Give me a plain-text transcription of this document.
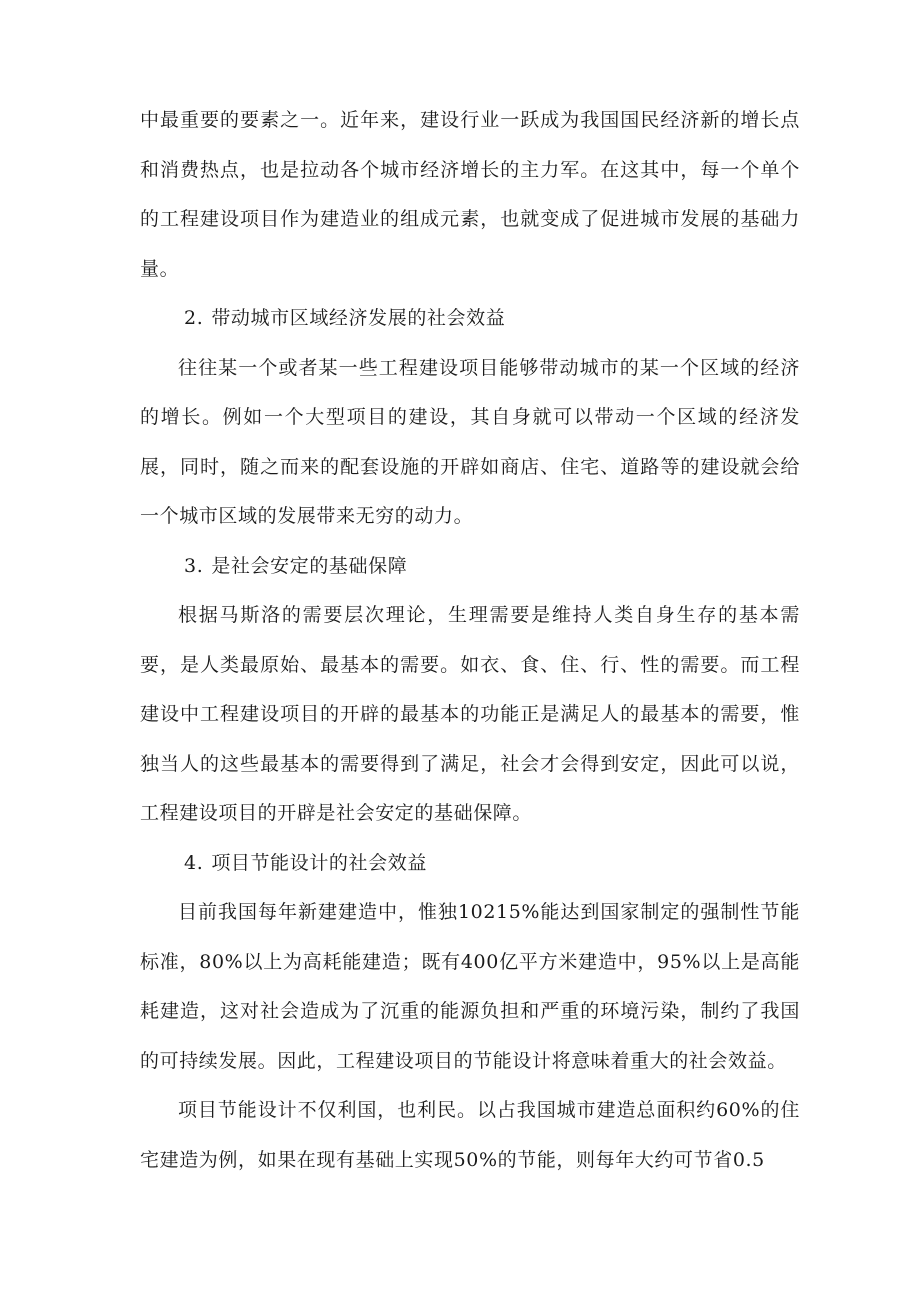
中最重要的要素之一。近年来，建设行业一跃成为我国国民经济新的增长点和消费热点，也是拉动各个城市经济增长的主力军。在这其中，每一个单个的工程建设项目作为建造业的组成元素，也就变成了促进城市发展的基础力量。

2. 带动城市区域经济发展的社会效益

往往某一个或者某一些工程建设项目能够带动城市的某一个区域的经济的增长。例如一个大型项目的建设，其自身就可以带动一个区域的经济发展，同时，随之而来的配套设施的开辟如商店、住宅、道路等的建设就会给一个城市区域的发展带来无穷的动力。

3. 是社会安定的基础保障

根据马斯洛的需要层次理论，生理需要是维持人类自身生存的基本需要，是人类最原始、最基本的需要。如衣、食、住、行、性的需要。而工程建设中工程建设项目的开辟的最基本的功能正是满足人的最基本的需要，惟独当人的这些最基本的需要得到了满足，社会才会得到安定，因此可以说，工程建设项目的开辟是社会安定的基础保障。

4. 项目节能设计的社会效益

目前我国每年新建建造中，惟独10215%能达到国家制定的强制性节能标准，80%以上为高耗能建造；既有400亿平方米建造中，95%以上是高能耗建造，这对社会造成为了沉重的能源负担和严重的环境污染，制约了我国的可持续发展。因此，工程建设项目的节能设计将意味着重大的社会效益。

项目节能设计不仅利国，也利民。以占我国城市建造总面积约60%的住宅建造为例，如果在现有基础上实现50%的节能，则每年大约可节省0.5
